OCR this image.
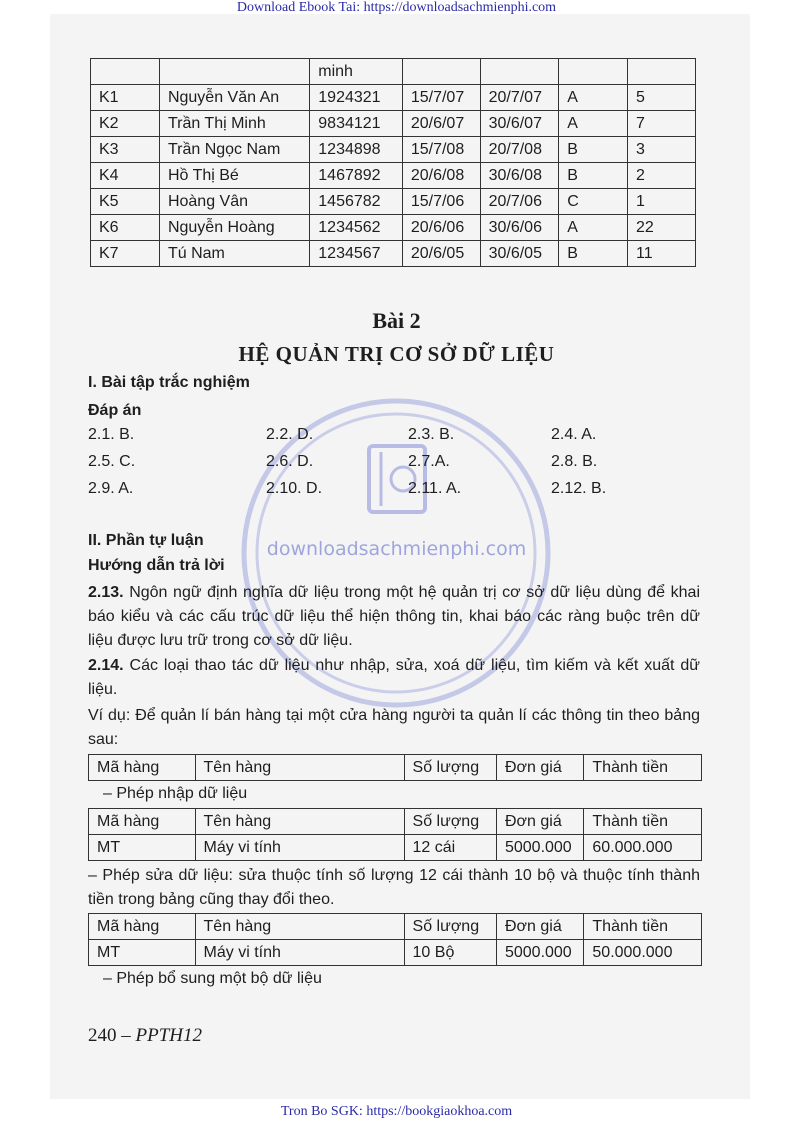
Download Ebook Tai: https://downloadsachmienphi.com
		minh				
K1	Nguyễn Văn An	1924321	15/7/07	20/7/07	A	5
K2	Trần Thị Minh	9834121	20/6/07	30/6/07	A	7
K3	Trần Ngọc Nam	1234898	15/7/08	20/7/08	B	3
K4	Hồ Thị Bé	1467892	20/6/08	30/6/08	B	2
K5	Hoàng Vân	1456782	15/7/06	20/7/06	C	1
K6	Nguyễn Hoàng	1234562	20/6/06	30/6/06	A	22
K7	Tú Nam	1234567	20/6/05	30/6/05	B	11
downloadsachmienphi.com
Bài 2
HỆ QUẢN TRỊ CƠ SỞ DỮ LIỆU
I. Bài tập trắc nghiệm
Đáp án
2.1. B.	2.2. D.	2.3. B.	2.4. A.
2.5. C.	2.6. D.	2.7.A.	2.8. B.
2.9. A.	2.10. D.	2.11. A.	2.12. B.
II. Phần tự luận
Hướng dẫn trả lời
2.13. Ngôn ngữ định nghĩa dữ liệu trong một hệ quản trị cơ sở dữ liệu dùng để khai báo kiểu và các cấu trúc dữ liệu thể hiện thông tin, khai báo các ràng buộc trên dữ liệu được lưu trữ trong cơ sở dữ liệu.
2.14. Các loại thao tác dữ liệu như nhập, sửa, xoá dữ liệu, tìm kiếm và kết xuất dữ liệu.
Ví dụ: Để quản lí bán hàng tại một cửa hàng người ta quản lí các thông tin theo bảng sau:
Mã hàng	Tên hàng	Số lượng	Đơn giá	Thành tiền
– Phép nhập dữ liệu
Mã hàng	Tên hàng	Số lượng	Đơn giá	Thành tiền
MT	Máy vi tính	12 cái	5000.000	60.000.000
– Phép sửa dữ liệu: sửa thuộc tính số lượng 12 cái thành 10 bộ và thuộc tính thành tiền trong bảng cũng thay đổi theo.
Mã hàng	Tên hàng	Số lượng	Đơn giá	Thành tiền
MT	Máy vi tính	10 Bộ	5000.000	50.000.000
– Phép bổ sung một bộ dữ liệu
240 – PPTH12
Tron Bo SGK: https://bookgiaokhoa.com
